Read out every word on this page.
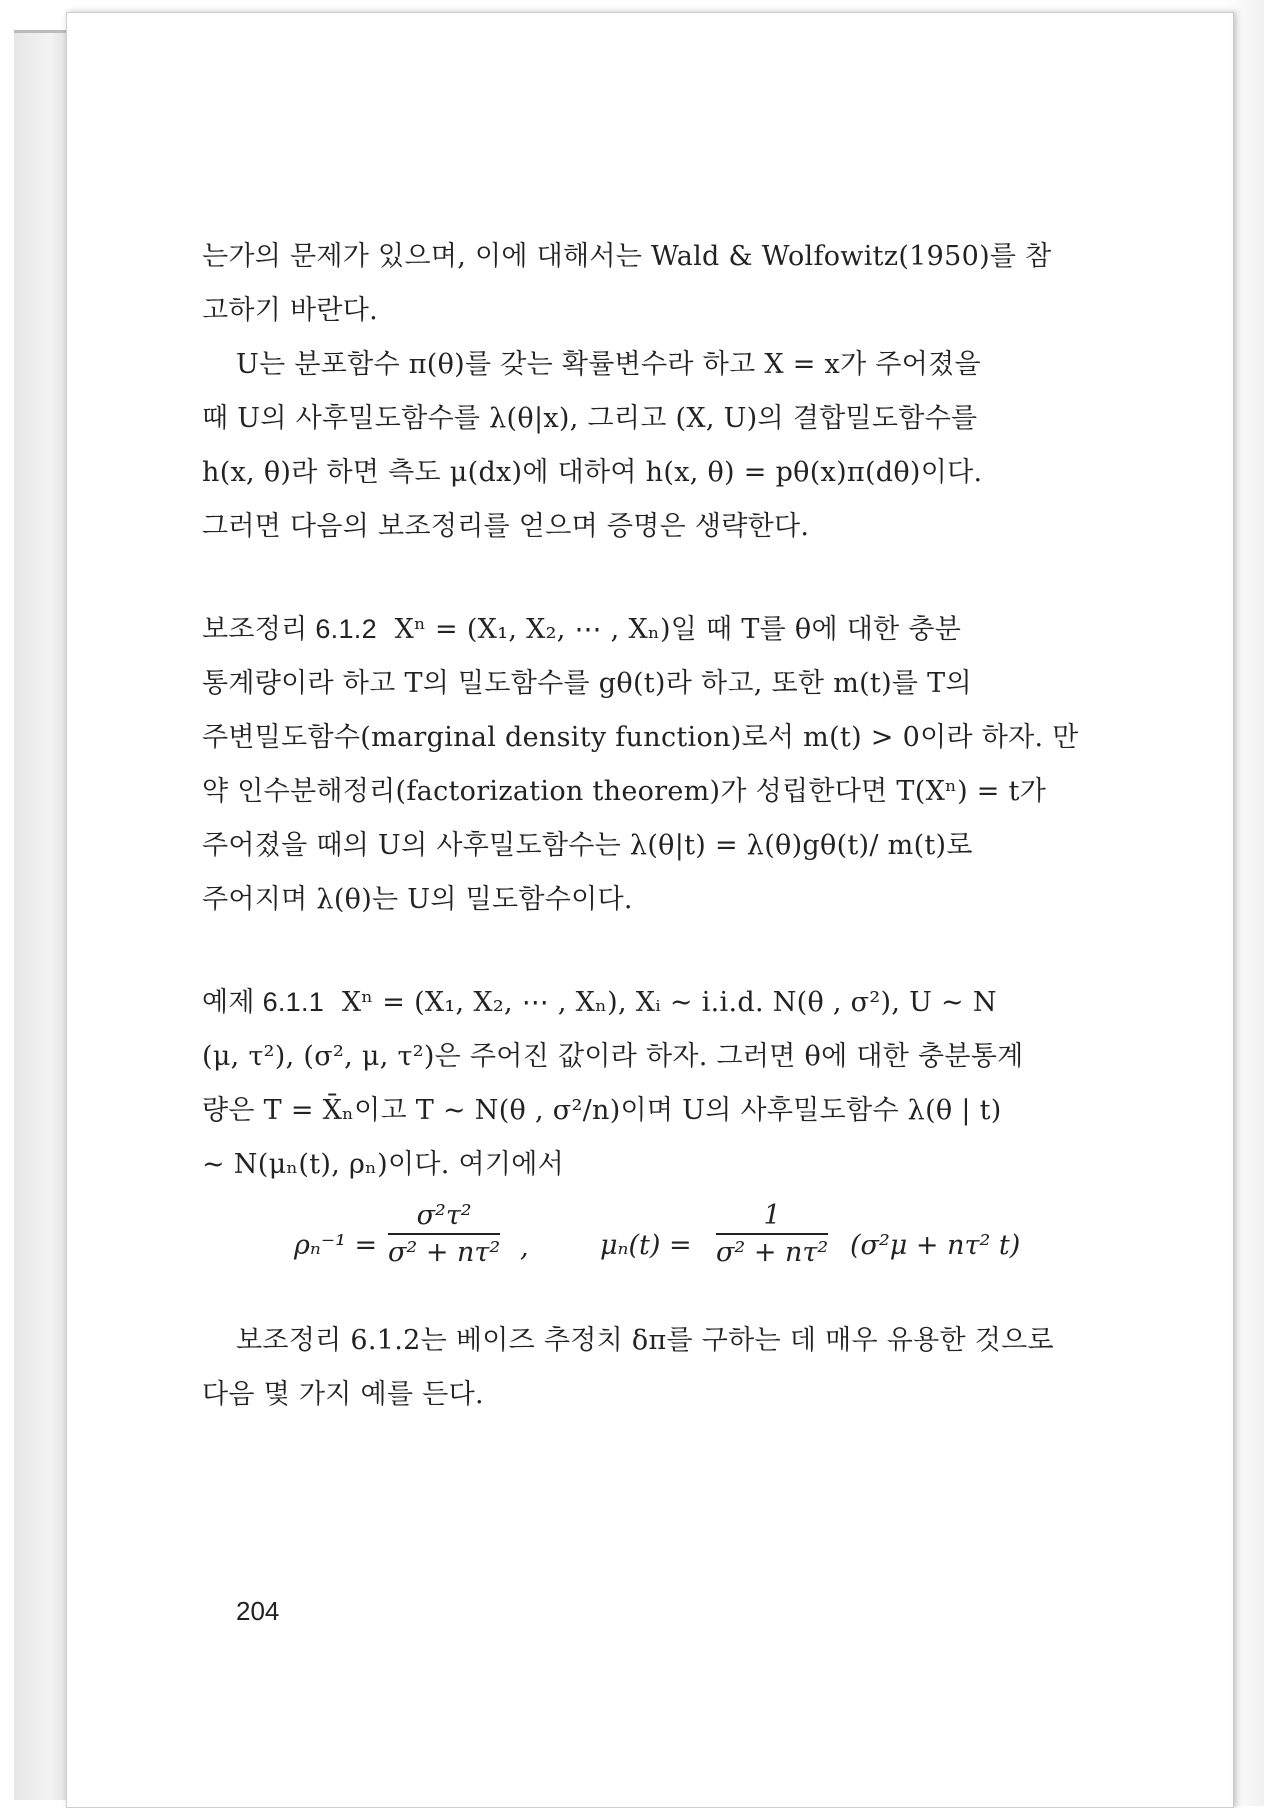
는가의 문제가 있으며, 이에 대해서는 Wald & Wolfowitz(1950)를 참

고하기 바란다.

U는 분포함수 π(θ)를 갖는 확률변수라 하고 X = x가 주어졌을

때 U의 사후밀도함수를 λ(θ|x), 그리고 (X, U)의 결합밀도함수를

h(x, θ)라 하면 측도 μ(dx)에 대하여 h(x, θ) = pθ(x)π(dθ)이다.

그러면 다음의 보조정리를 얻으며 증명은 생략한다.

보조정리 6.1.2 Xⁿ = (X₁, X₂, ⋯ , Xₙ)일 때 T를 θ에 대한 충분

통계량이라 하고 T의 밀도함수를 gθ(t)라 하고, 또한 m(t)를 T의

주변밀도함수(marginal density function)로서 m(t) > 0이라 하자. 만

약 인수분해정리(factorization theorem)가 성립한다면 T(Xⁿ) = t가

주어졌을 때의 U의 사후밀도함수는 λ(θ|t) = λ(θ)gθ(t)/ m(t)로

주어지며 λ(θ)는 U의 밀도함수이다.

예제 6.1.1 Xⁿ = (X₁, X₂, ⋯ , Xₙ), Xᵢ ~ i.i.d. N(θ , σ²), U ~ N

(μ, τ²), (σ², μ, τ²)은 주어진 값이라 하자. 그러면 θ에 대한 충분통계

량은 T = X̄ₙ이고 T ~ N(θ , σ²/n)이며 U의 사후밀도함수 λ(θ | t)

~ N(μₙ(t), ρₙ)이다. 여기에서

$\rho_n^{-1} = \frac{\text{σ²τ²}}{\text{σ² + nτ²}}$ ,	$\mu_n(t) = \frac{1}{\text{σ² + nτ²}} (\sigma^2\mu + n\tau^2$ t)

보조정리 6.1.2는 베이즈 추정치 δπ를 구하는 데 매우 유용한 것으로

다음 몇 가지 예를 든다.

204
